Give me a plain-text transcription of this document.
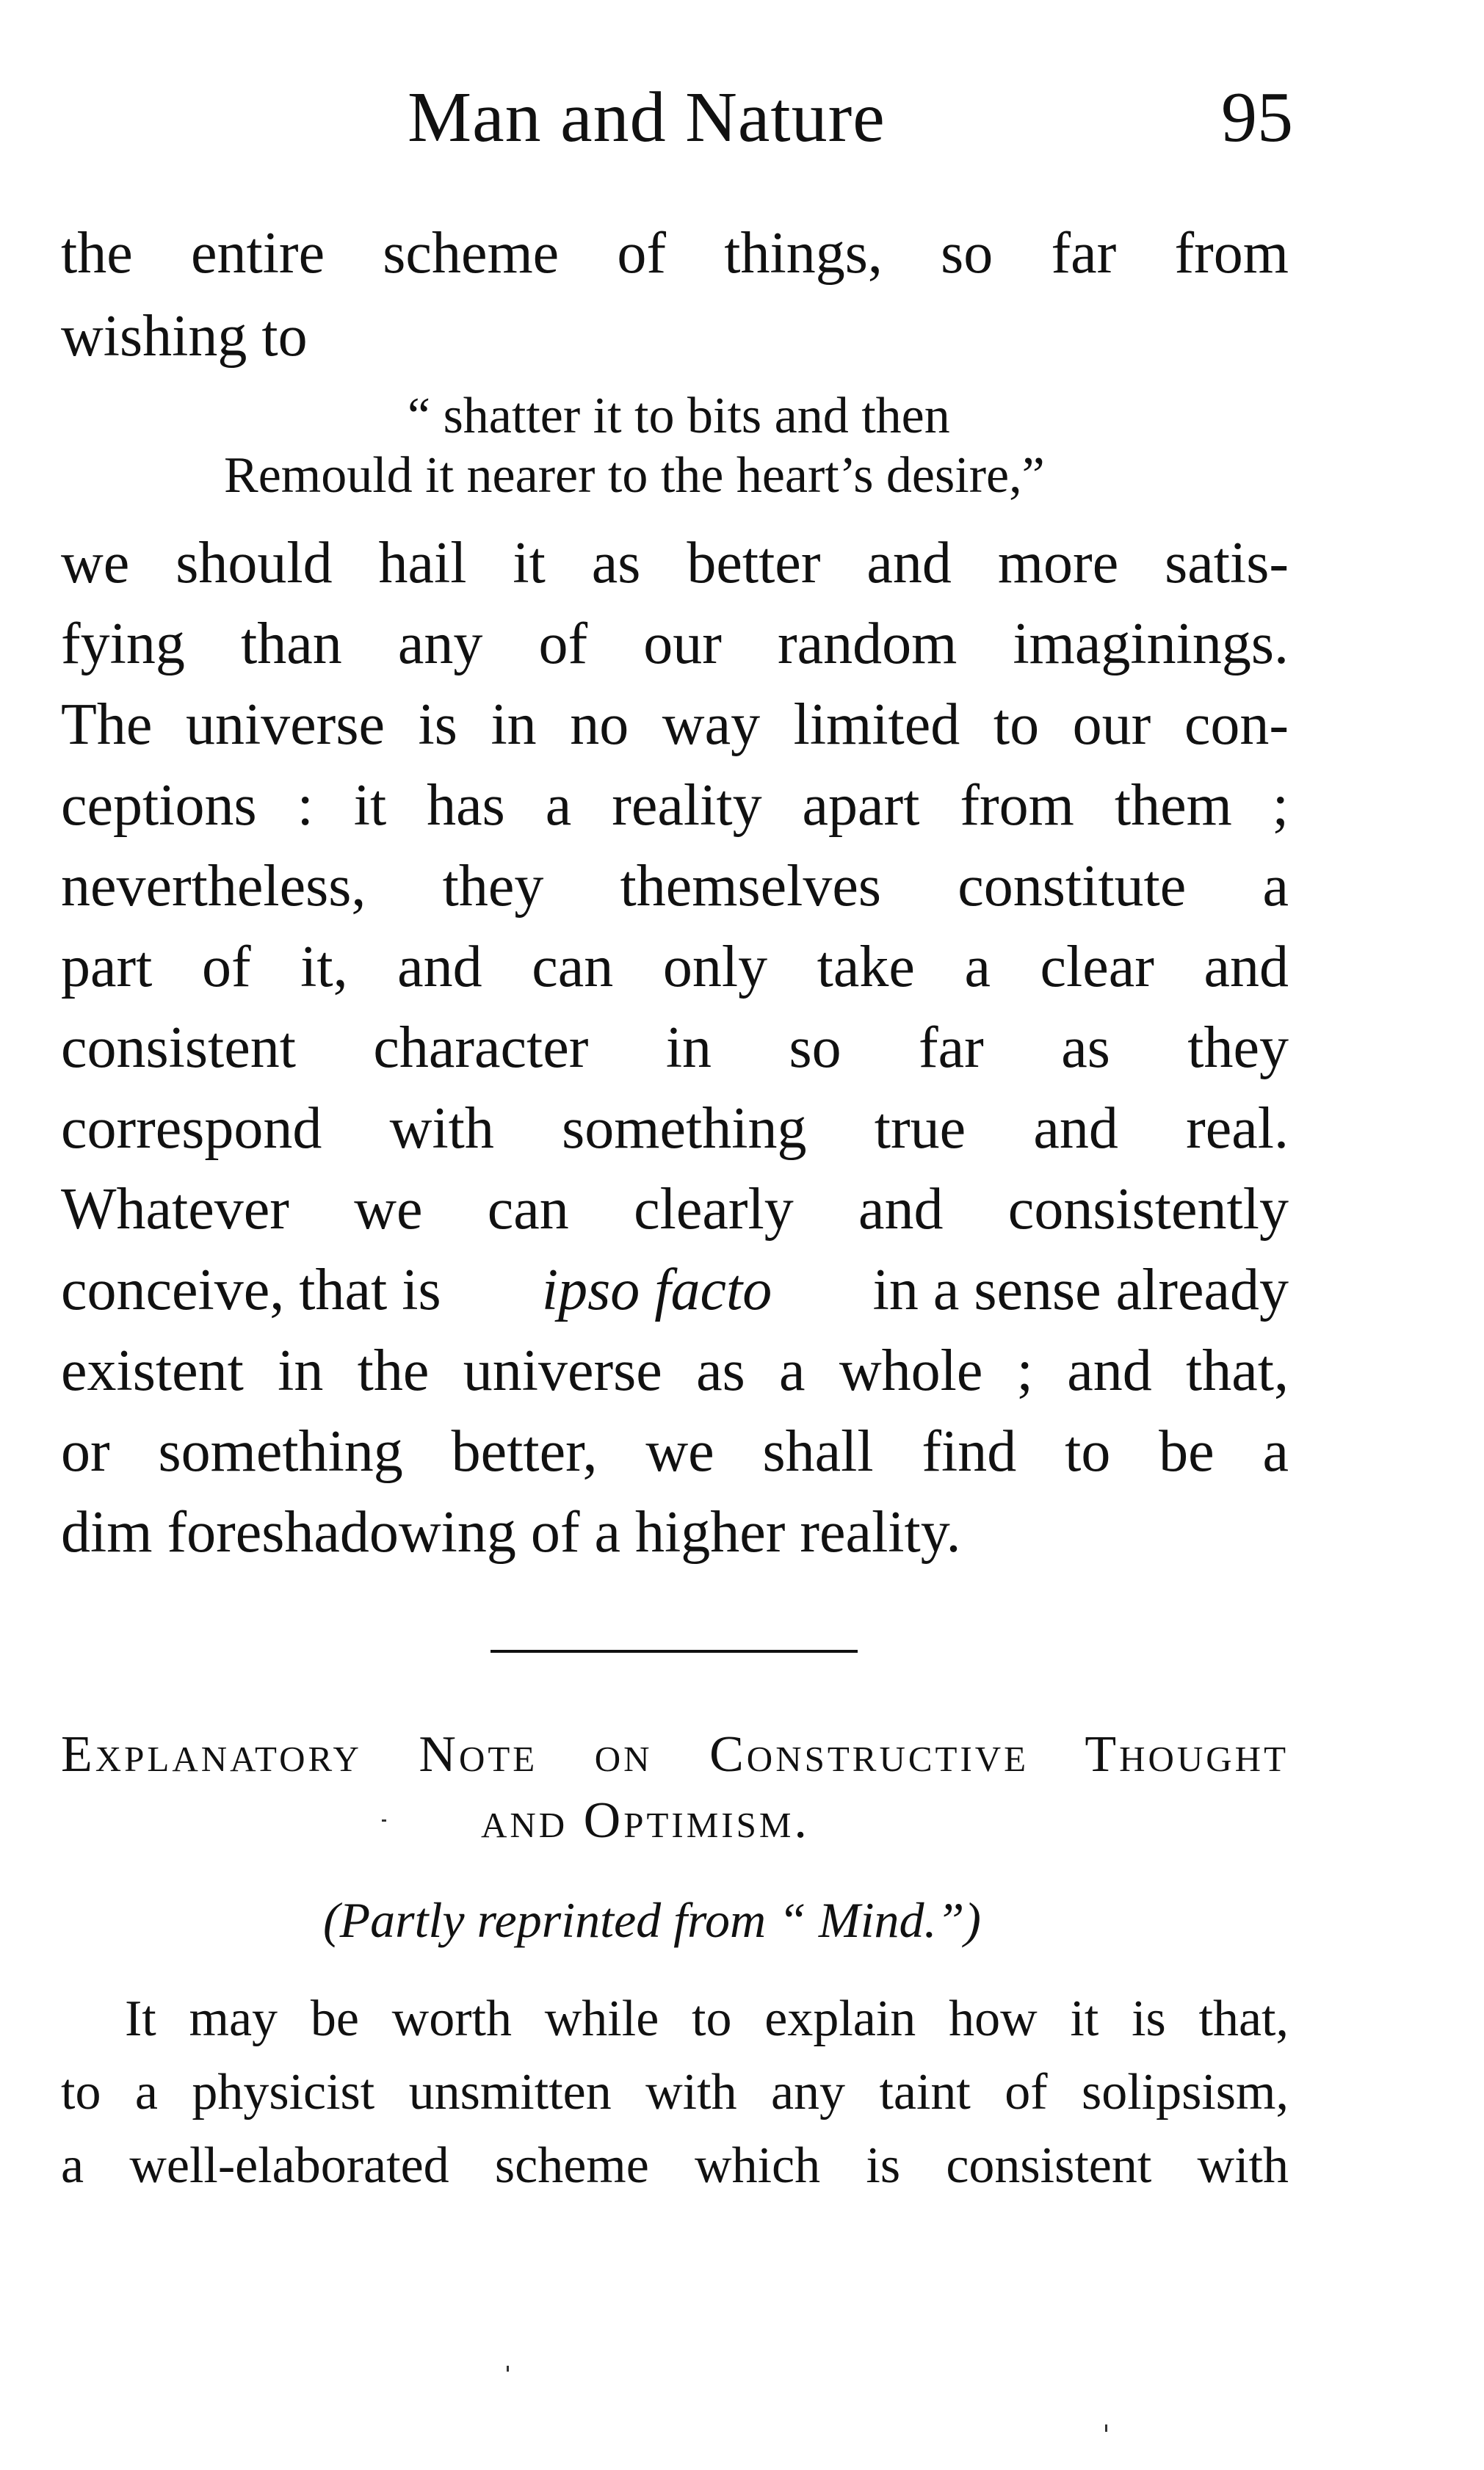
Man and Nature	95
the entire scheme of things, so far from
wishing to
“ shatter it to bits and then
Remould it nearer to the heart’s desire,”
we should hail it as better and more satis-
fying than any of our random imaginings.
The universe is in no way limited to our con-
ceptions : it has a reality apart from them ;
nevertheless, they themselves constitute a
part of it, and can only take a clear and
consistent character in so far as they
correspond with something true and real.
Whatever we can clearly and consistently
conceive, that is ipso facto in a sense already
existent in the universe as a whole ; and that,
or something better, we shall find to be a
dim foreshadowing of a higher reality.
Explanatory Note on Constructive Thought
and Optimism.
(Partly reprinted from “ Mind.”)
It may be worth while to explain how it is that,
to a physicist unsmitten with any taint of solipsism,
a well-elaborated scheme which is consistent with
